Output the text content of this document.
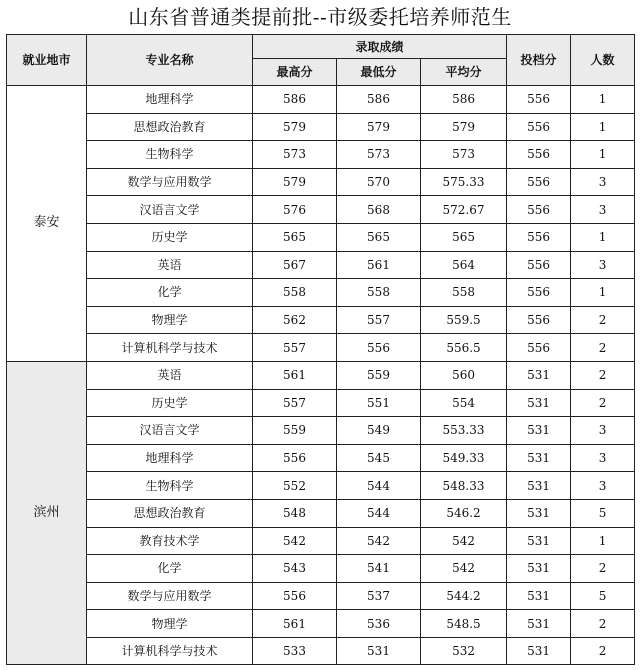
山东省普通类提前批--市级委托培养师范生
就业地市	专业名称	录取成绩			投档分	人数
		最高分	最低分	平均分		
泰安	地理科学	586	586	586	556	1
	思想政治教育	579	579	579	556	1
	生物科学	573	573	573	556	1
	数学与应用数学	579	570	575.33	556	3
	汉语言文学	576	568	572.67	556	3
	历史学	565	565	565	556	1
	英语	567	561	564	556	3
	化学	558	558	558	556	1
	物理学	562	557	559.5	556	2
	计算机科学与技术	557	556	556.5	556	2
滨州	英语	561	559	560	531	2
	历史学	557	551	554	531	2
	汉语言文学	559	549	553.33	531	3
	地理科学	556	545	549.33	531	3
	生物科学	552	544	548.33	531	3
	思想政治教育	548	544	546.2	531	5
	教育技术学	542	542	542	531	1
	化学	543	541	542	531	2
	数学与应用数学	556	537	544.2	531	5
	物理学	561	536	548.5	531	2
	计算机科学与技术	533	531	532	531	2
